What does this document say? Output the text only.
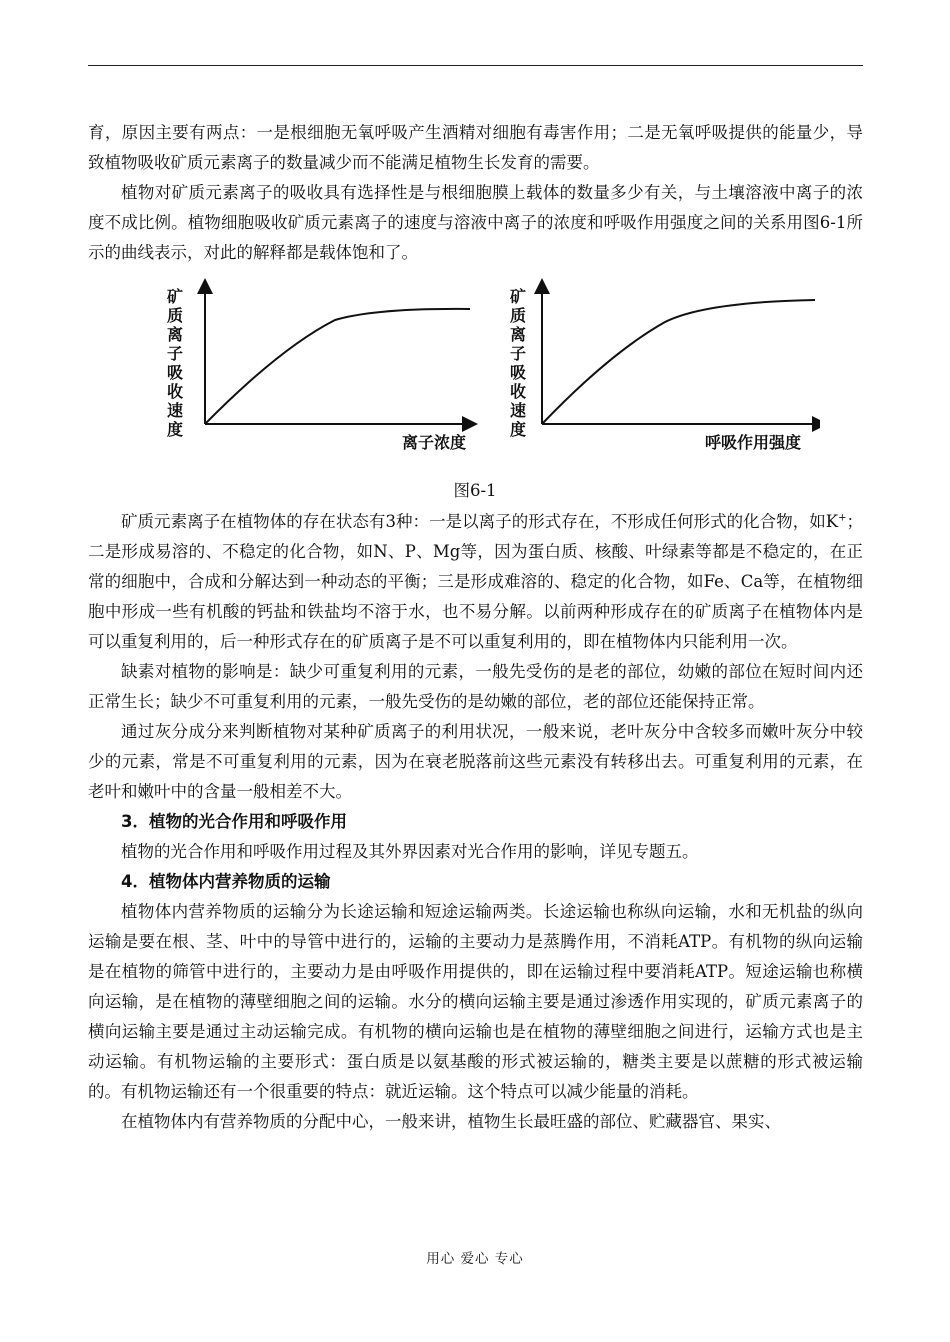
育，原因主要有两点：一是根细胞无氧呼吸产生酒精对细胞有毒害作用；二是无氧呼吸提供的能量少，导致植物吸收矿质元素离子的数量减少而不能满足植物生长发育的需要。

植物对矿质元素离子的吸收具有选择性是与根细胞膜上载体的数量多少有关，与土壤溶液中离子的浓度不成比例。植物细胞吸收矿质元素离子的速度与溶液中离子的浓度和呼吸作用强度之间的关系用图6-1所示的曲线表示，对此的解释都是载体饱和了。

矿质离子吸收速度
离子浓度
矿质离子吸收速度
呼吸作用强度
图6-1

矿质元素离子在植物体的存在状态有3种：一是以离子的形式存在，不形成任何形式的化合物，如K+；二是形成易溶的、不稳定的化合物，如N、P、Mg等，因为蛋白质、核酸、叶绿素等都是不稳定的，在正常的细胞中，合成和分解达到一种动态的平衡；三是形成难溶的、稳定的化合物，如Fe、Ca等，在植物细胞中形成一些有机酸的钙盐和铁盐均不溶于水，也不易分解。以前两种形成存在的矿质离子在植物体内是可以重复利用的，后一种形式存在的矿质离子是不可以重复利用的，即在植物体内只能利用一次。

缺素对植物的影响是：缺少可重复利用的元素，一般先受伤的是老的部位，幼嫩的部位在短时间内还正常生长；缺少不可重复利用的元素，一般先受伤的是幼嫩的部位，老的部位还能保持正常。

通过灰分成分来判断植物对某种矿质离子的利用状况，一般来说，老叶灰分中含较多而嫩叶灰分中较少的元素，常是不可重复利用的元素，因为在衰老脱落前这些元素没有转移出去。可重复利用的元素，在老叶和嫩叶中的含量一般相差不大。

3．植物的光合作用和呼吸作用

植物的光合作用和呼吸作用过程及其外界因素对光合作用的影响，详见专题五。

4．植物体内营养物质的运输

植物体内营养物质的运输分为长途运输和短途运输两类。长途运输也称纵向运输，水和无机盐的纵向运输是要在根、茎、叶中的导管中进行的，运输的主要动力是蒸腾作用，不消耗ATP。有机物的纵向运输是在植物的筛管中进行的，主要动力是由呼吸作用提供的，即在运输过程中要消耗ATP。短途运输也称横向运输，是在植物的薄壁细胞之间的运输。水分的横向运输主要是通过渗透作用实现的，矿质元素离子的横向运输主要是通过主动运输完成。有机物的横向运输也是在植物的薄壁细胞之间进行，运输方式也是主动运输。有机物运输的主要形式：蛋白质是以氨基酸的形式被运输的，糖类主要是以蔗糖的形式被运输的。有机物运输还有一个很重要的特点：就近运输。这个特点可以减少能量的消耗。

在植物体内有营养物质的分配中心，一般来讲，植物生长最旺盛的部位、贮藏器官、果实、

用心 爱心 专心
